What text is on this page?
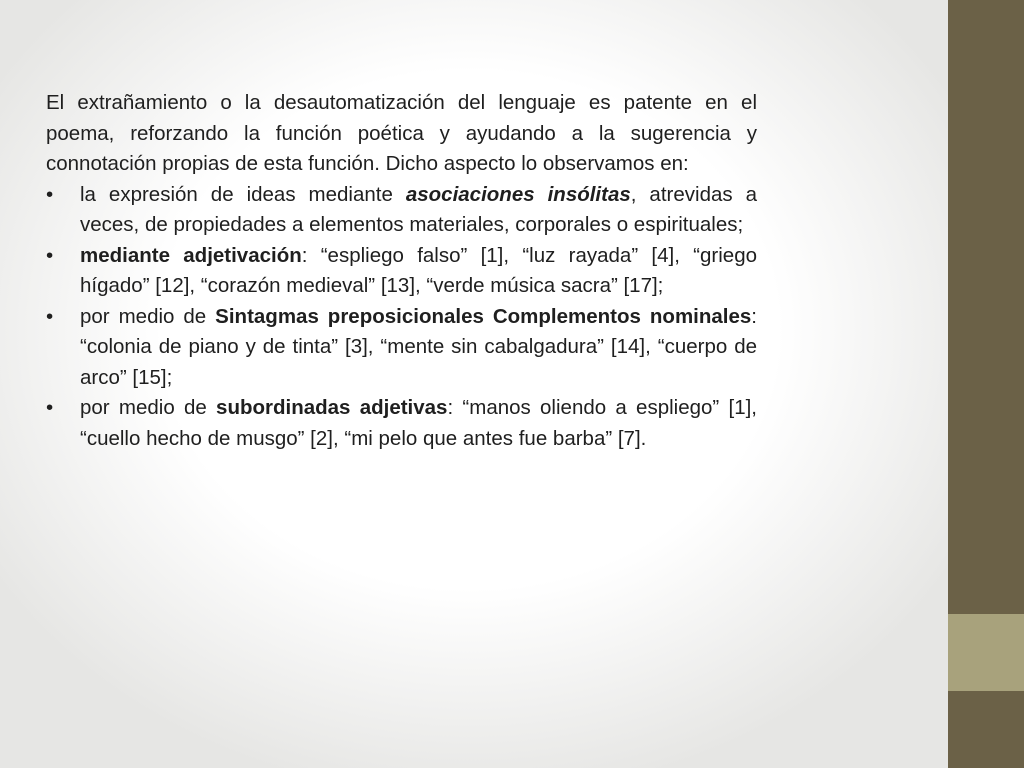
El extrañamiento o la desautomatización del lenguaje es patente en el poema, reforzando la función poética y ayudando a la sugerencia y connotación propias de esta función. Dicho aspecto lo observamos en:

•	la expresión de ideas mediante asociaciones insólitas, atrevidas a veces, de propiedades a elementos materiales, corporales o espirituales;
•	mediante adjetivación: “espliego falso” [1], “luz rayada” [4], “griego hígado” [12], “corazón medieval” [13], “verde música sacra” [17];
•	por medio de Sintagmas preposicionales Complementos nominales: “colonia de piano y de tinta” [3], “mente sin cabalgadura” [14], “cuerpo de arco” [15];
•	por medio de subordinadas adjetivas: “manos oliendo a espliego” [1], “cuello hecho de musgo” [2], “mi pelo que antes fue barba” [7].
